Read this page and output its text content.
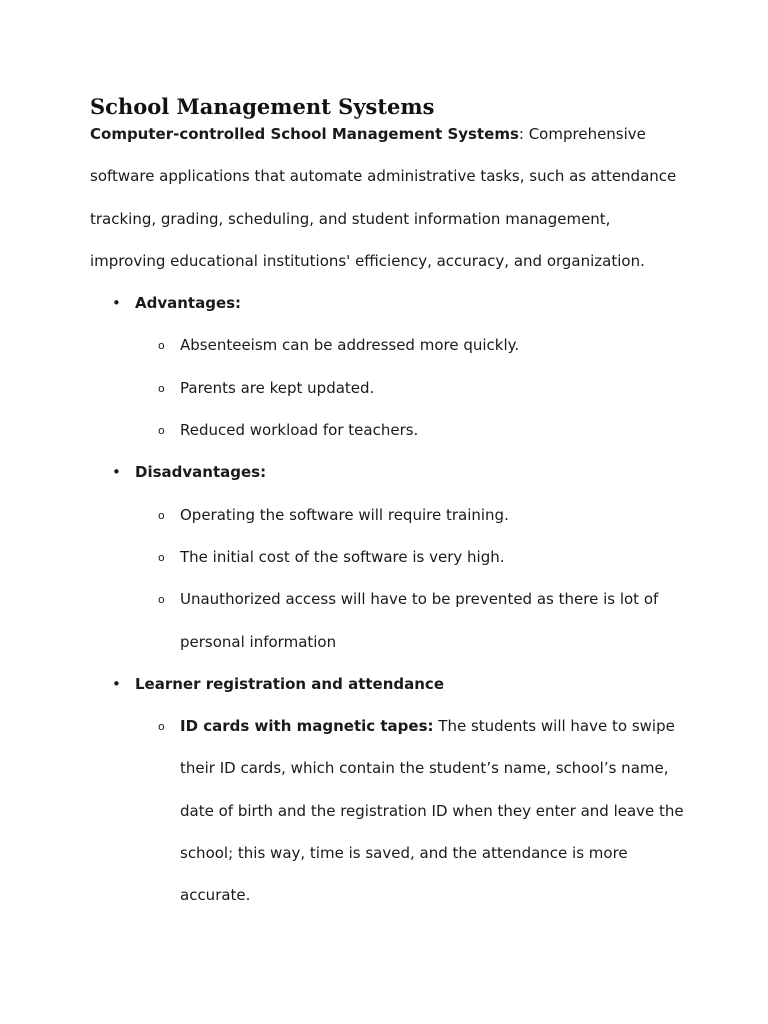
School Management Systems

Computer-controlled School Management Systems: Comprehensive software applications that automate administrative tasks, such as attendance tracking, grading, scheduling, and student information management, improving educational institutions' efficiency, accuracy, and organization.

• Advantages:
o Absenteeism can be addressed more quickly.
o Parents are kept updated.
o Reduced workload for teachers.
• Disadvantages:
o Operating the software will require training.
o The initial cost of the software is very high.
o Unauthorized access will have to be prevented as there is lot of personal information
• Learner registration and attendance
o ID cards with magnetic tapes: The students will have to swipe their ID cards, which contain the student’s name, school’s name, date of birth and the registration ID when they enter and leave the school; this way, time is saved, and the attendance is more accurate.
